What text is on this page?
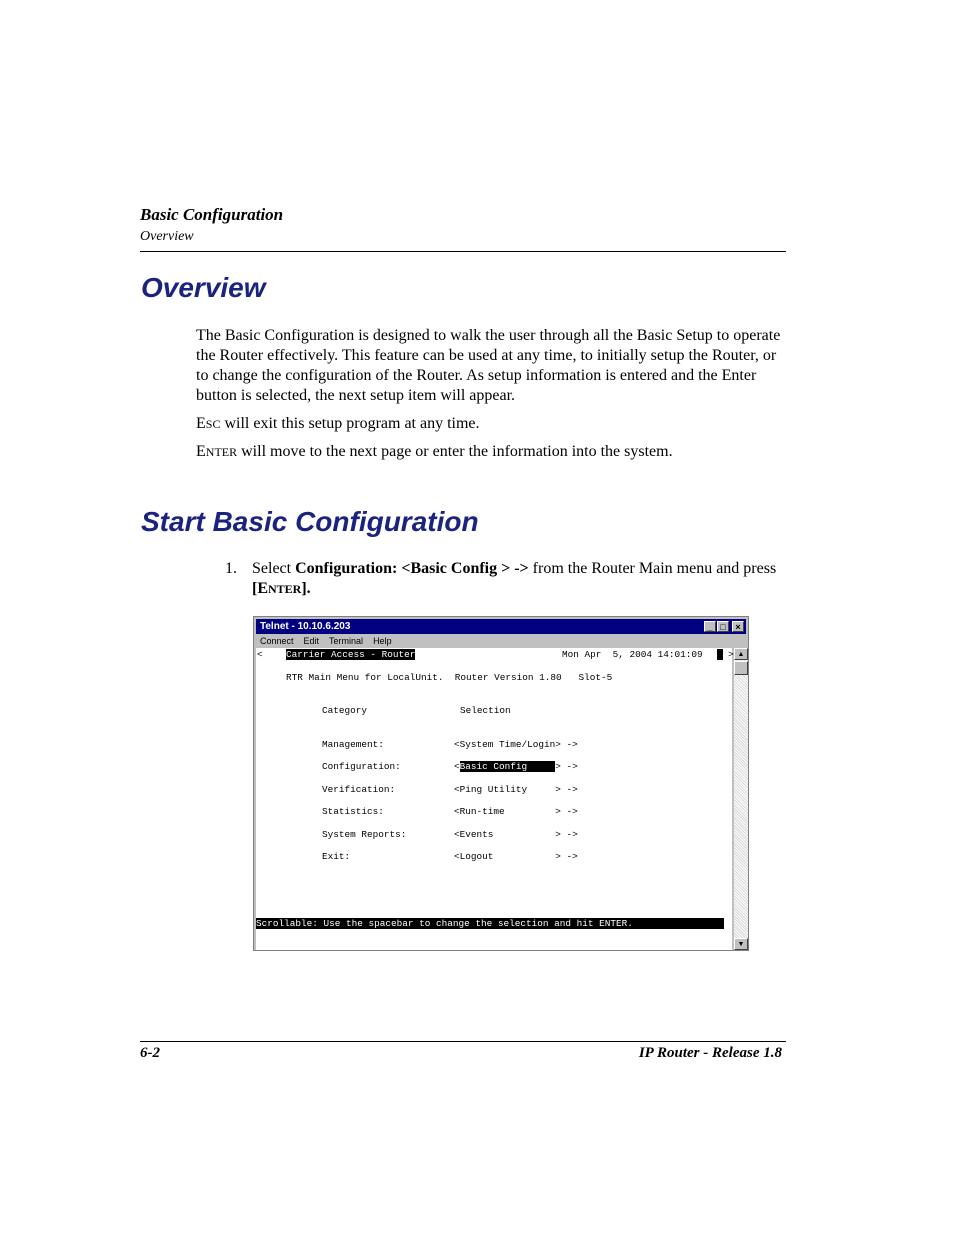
Basic Configuration
Overview
Overview
The Basic Configuration is designed to walk the user through all the Basic Setup to operate the Router effectively. This feature can be used at any time, to initially setup the Router, or to change the configuration of the Router. As setup information is entered and the Enter button is selected, the next setup item will appear.
ESC will exit this setup program at any time.
ENTER will move to the next page or enter the information into the system.
Start Basic Configuration
1. Select Configuration: <Basic Config > -> from the Router Main menu and press [ENTER].
Telnet - 10.10.6.203	_ □	×
Connect Edit Terminal Help
< Carrier Access - Router	Mon Apr  5, 2004 14:01:09
	>
RTR Main Menu for LocalUnit.  Router Version 1.80   Slot-5
Category	Selection
Management:	<System Time/Login> ->
Configuration:	<Basic Config     > ->
Verification:	<Ping Utility     > ->
Statistics:	<Run-time         > ->
System Reports:	<Events           > ->
Exit:	<Logout           > ->
Scrollable: Use the spacebar to change the selection and hit ENTER.
▲
▼
6-2	IP Router - Release 1.8
